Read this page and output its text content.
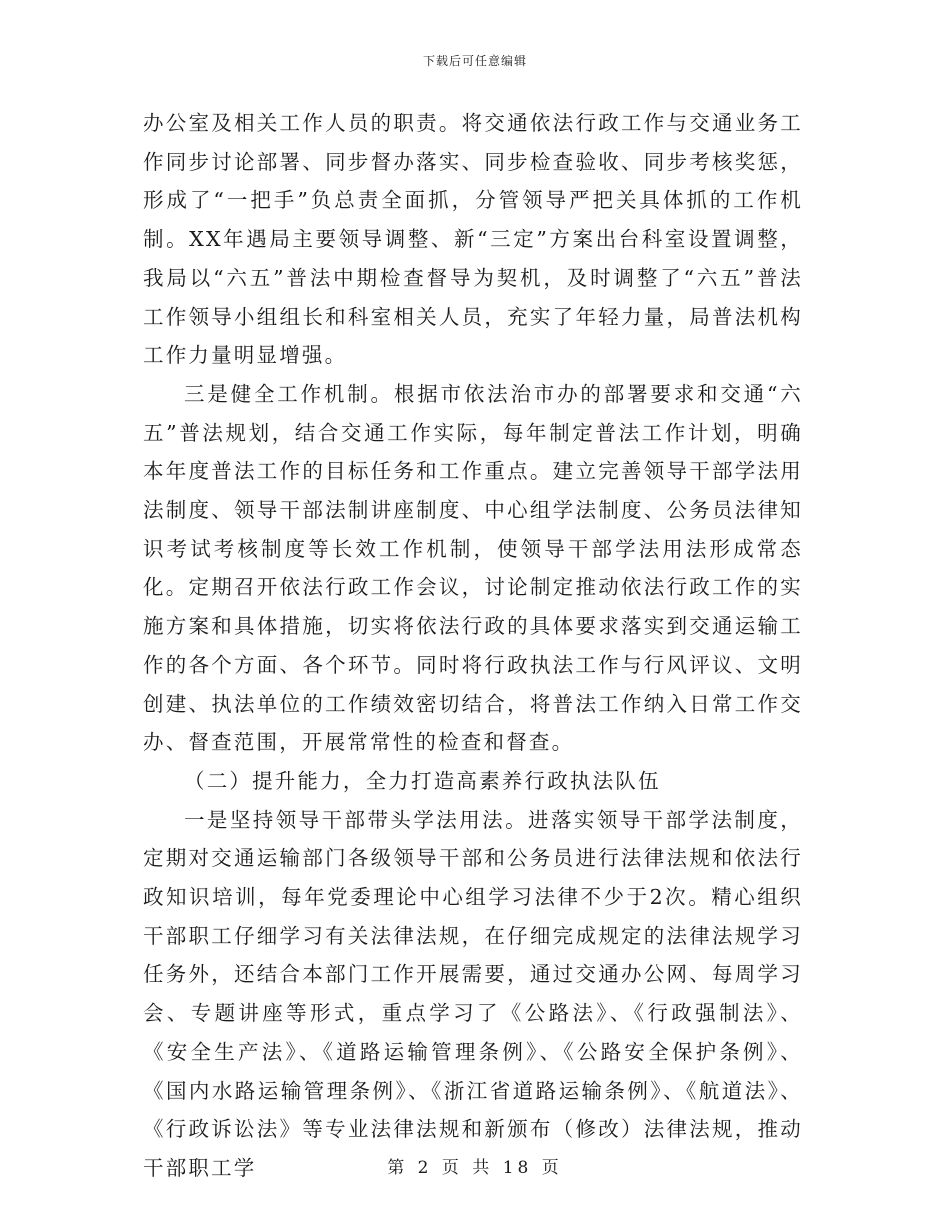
下载后可任意编辑

办公室及相关工作人员的职责。将交通依法行政工作与交通业务工作同步讨论部署、同步督办落实、同步检查验收、同步考核奖惩，形成了“一把手”负总责全面抓，分管领导严把关具体抓的工作机制。XX年遇局主要领导调整、新“三定”方案出台科室设置调整，我局以“六五”普法中期检查督导为契机，及时调整了“六五”普法工作领导小组组长和科室相关人员，充实了年轻力量，局普法机构工作力量明显增强。

三是健全工作机制。根据市依法治市办的部署要求和交通“六五”普法规划，结合交通工作实际，每年制定普法工作计划，明确本年度普法工作的目标任务和工作重点。建立完善领导干部学法用法制度、领导干部法制讲座制度、中心组学法制度、公务员法律知识考试考核制度等长效工作机制，使领导干部学法用法形成常态化。定期召开依法行政工作会议，讨论制定推动依法行政工作的实施方案和具体措施，切实将依法行政的具体要求落实到交通运输工作的各个方面、各个环节。同时将行政执法工作与行风评议、文明创建、执法单位的工作绩效密切结合，将普法工作纳入日常工作交办、督查范围，开展常常性的检查和督查。

（二）提升能力，全力打造高素养行政执法队伍

一是坚持领导干部带头学法用法。进落实领导干部学法制度，定期对交通运输部门各级领导干部和公务员进行法律法规和依法行政知识培训，每年党委理论中心组学习法律不少于2次。精心组织干部职工仔细学习有关法律法规，在仔细完成规定的法律法规学习任务外，还结合本部门工作开展需要，通过交通办公网、每周学习会、专题讲座等形式，重点学习了《公路法》、《行政强制法》、《安全生产法》、《道路运输管理条例》、《公路安全保护条例》、《国内水路运输管理条例》、《浙江省道路运输条例》、《航道法》、《行政诉讼法》等专业法律法规和新颁布（修改）法律法规，推动干部职工学	第 2 页 共 18 页
